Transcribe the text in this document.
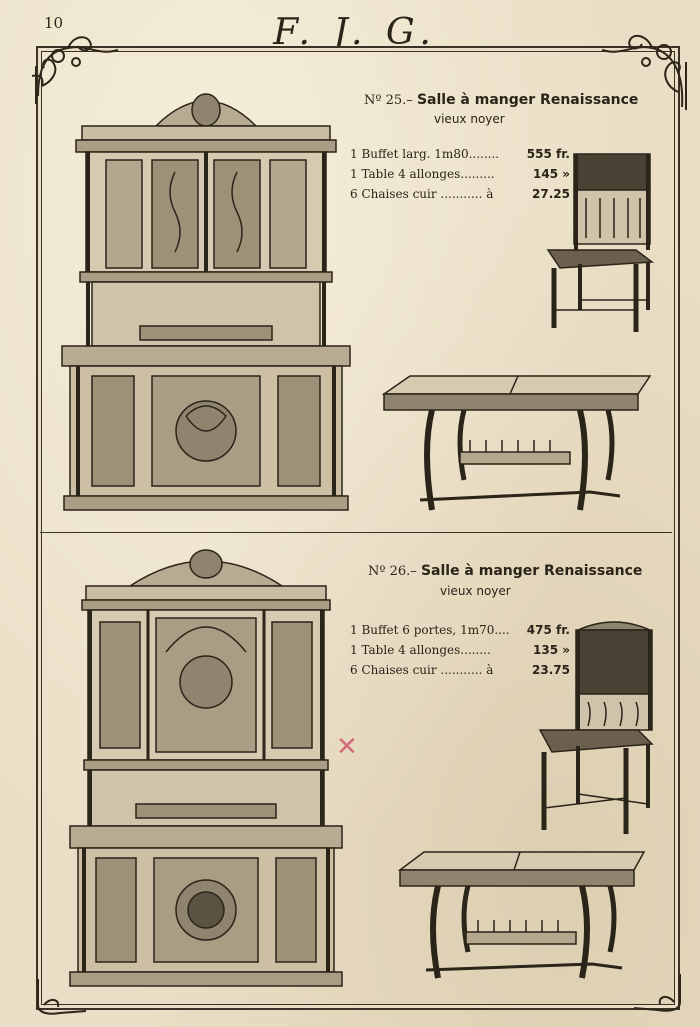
10	F. J. G.
Nº 25.– Salle à manger Renaissance
vieux noyer
1 Buffet larg. 1m80........	555 fr.
1 Table 4 allonges.........	145 »
6 Chaises cuir ........... à	27.25
Nº 26.– Salle à manger Renaissance
vieux noyer
1 Buffet 6 portes, 1m70....	475 fr.
1 Table 4 allonges........	135 »
6 Chaises cuir ........... à	23.75
✕
